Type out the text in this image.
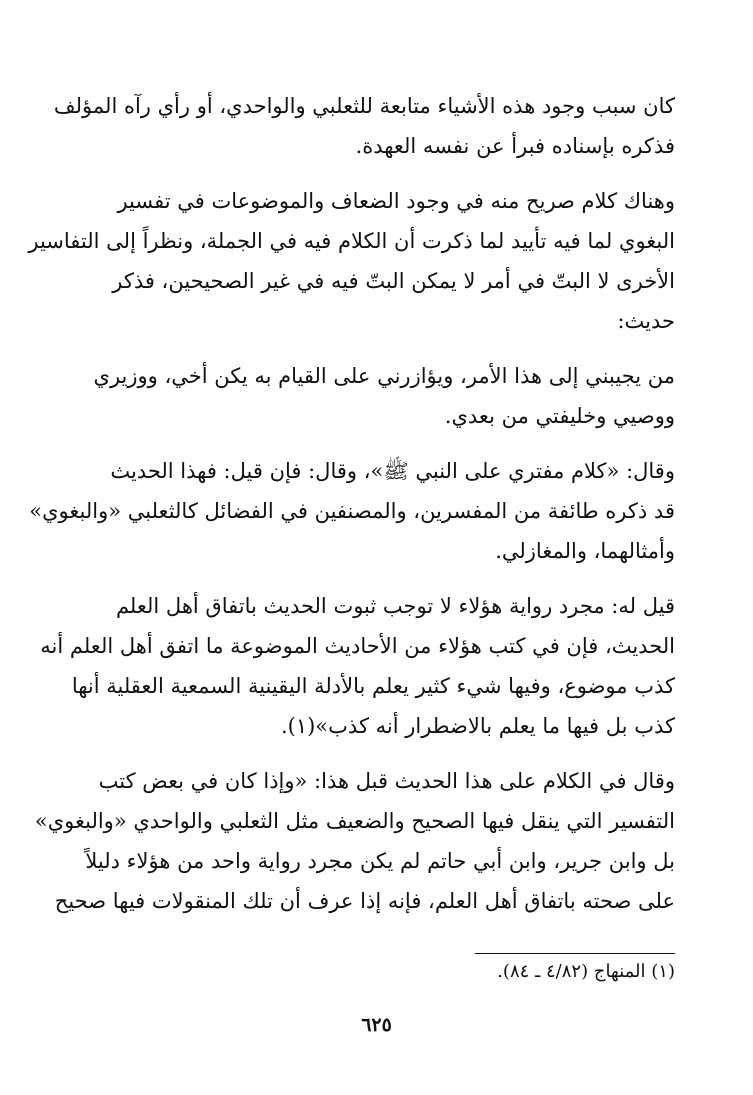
كان سبب وجود هذه الأشياء متابعة للثعلبي والواحدي، أو رأي رآه المؤلف
فذكره بإسناده فبرأ عن نفسه العهدة.

وهناك كلام صريح منه في وجود الضعاف والموضوعات في تفسير
البغوي لما فيه تأييد لما ذكرت أن الكلام فيه في الجملة، ونظراً إلى التفاسير
الأخرى لا البتّ في أمر لا يمكن البتّ فيه في غير الصحيحين، فذكر
حديث:

من يجيبني إلى هذا الأمر، ويؤازرني على القيام به يكن أخي، ووزيري
ووصيي وخليفتي من بعدي.

وقال: «كلام مفتري على النبي ﷺ»، وقال: فإن قيل: فهذا الحديث
قد ذكره طائفة من المفسرين، والمصنفين في الفضائل كالثعلبي «والبغوي»
وأمثالهما، والمغازلي.

قيل له: مجرد رواية هؤلاء لا توجب ثبوت الحديث باتفاق أهل العلم
الحديث، فإن في كتب هؤلاء من الأحاديث الموضوعة ما اتفق أهل العلم أنه
كذب موضوع، وفيها شيء كثير يعلم بالأدلة اليقينية السمعية العقلية أنها
كذب بل فيها ما يعلم بالاضطرار أنه كذب»(١).

وقال في الكلام على هذا الحديث قبل هذا: «وإذا كان في بعض كتب
التفسير التي ينقل فيها الصحيح والضعيف مثل الثعلبي والواحدي «والبغوي»
بل وابن جرير، وابن أبي حاتم لم يكن مجرد رواية واحد من هؤلاء دليلاً
على صحته باتفاق أهل العلم، فإنه إذا عرف أن تلك المنقولات فيها صحيح

(١) المنهاج (٤/٨٢ ـ ٨٤).
٦٢٥
